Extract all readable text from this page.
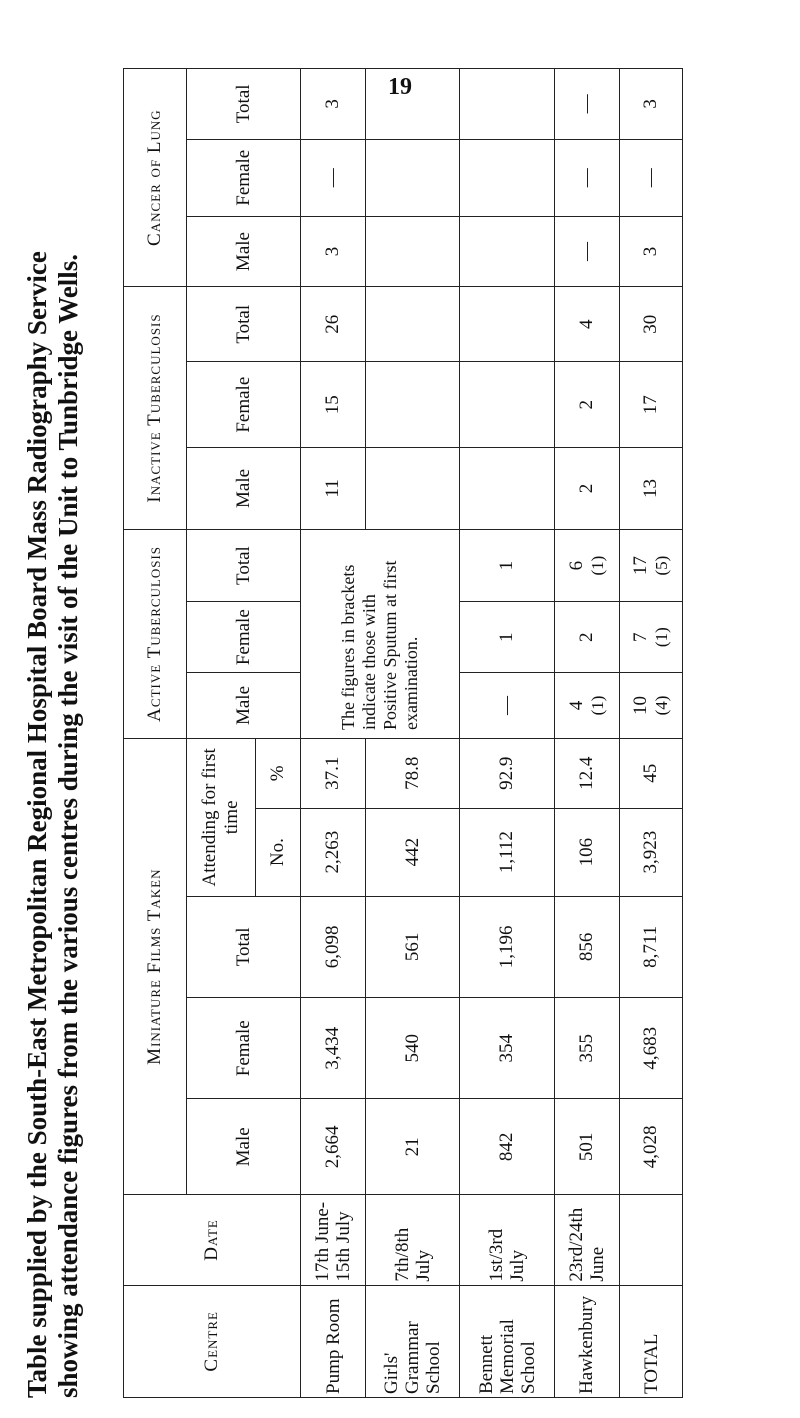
19
Table supplied by the South-East Metropolitan Regional Hospital Board Mass Radiography Service showing attendance figures from the various centres during the visit of the Unit to Tunbridge Wells.	Centre	Date	Miniature Films Taken					Active Tuberculosis			Inactive Tuberculosis			Cancer of Lung		
		Male	Female	Total	Attending for first time		Male	Female	Total	Male	Female	Total	Male	Female	Total
					No.	%									
Pump Room	17th June-15th July	2,664	3,434	6,098	2,263	37.1	The figures in brackets indicate those with Positive Sputum at first examination.			11	15	26	3	—	3
Girls' Grammar School	7th/8th July	21	540	561	442	78.8									
Bennett Memorial School	1st/3rd July	842	354	1,196	1,112	92.9	—	1	1

Hawkenbury	23rd/24th June	501	355	856	106	12.4	4 (1)	2	6 (1)	2	2	4	—	—	—
TOTAL		4,028	4,683	8,711	3,923	45	10 (4)	7 (1)	17 (5)	13	17	30	3	—	3
